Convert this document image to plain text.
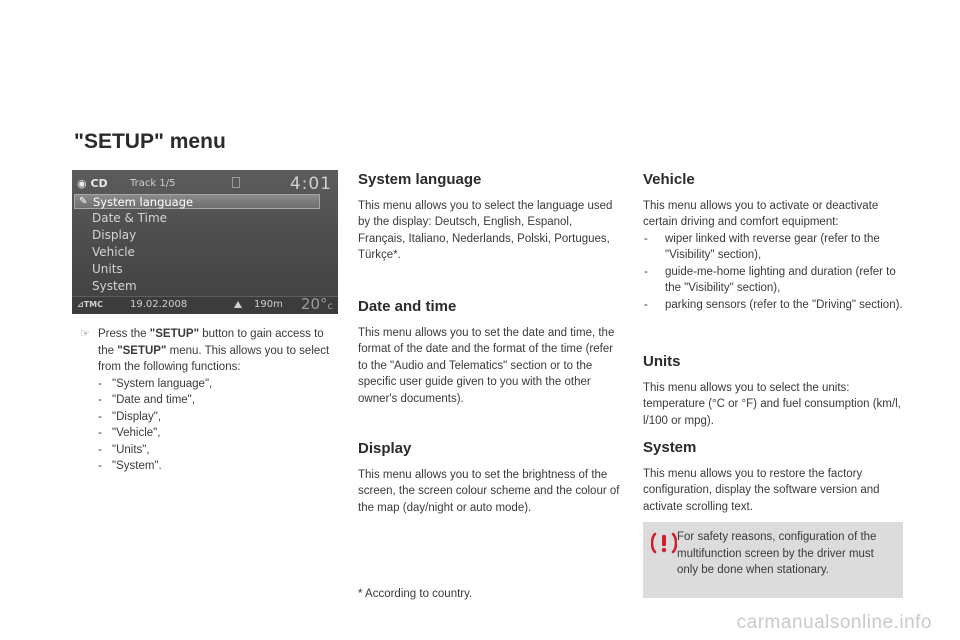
"SETUP" menu
◉ CD Track 1/5	4:01
✎ System language
Date & Time
Display
Vehicle
Units
System
⊿TMC	19.02.2008	190m 20°c
☞ Press the "SETUP" button to gain access to the "SETUP" menu. This allows you to select from the following functions:
- "System language",
- "Date and time",
- "Display",
- "Vehicle",
- "Units",
- "System".
System language

This menu allows you to select the language used by the display: Deutsch, English, Espanol, Français, Italiano, Nederlands, Polski, Portugues, Türkçe*.

Date and time

This menu allows you to set the date and time, the format of the date and the format of the time (refer to the "Audio and Telematics" section or to the specific user guide given to you with the other owner's documents).

Display

This menu allows you to set the brightness of the screen, the screen colour scheme and the colour of the map (day/night or auto mode).

* According to country.
Vehicle

This menu allows you to activate or deactivate certain driving and comfort equipment:

- wiper linked with reverse gear (refer to the "Visibility" section),
- guide-me-home lighting and duration (refer to the "Visibility" section),
- parking sensors (refer to the "Driving" section).
Units

This menu allows you to select the units: temperature (°C or °F) and fuel consumption (km/l, l/100 or mpg).

System

This menu allows you to restore the factory configuration, display the software version and activate scrolling text.

For safety reasons, configuration of the multifunction screen by the driver must only be done when stationary.
carmanualsonline.info
